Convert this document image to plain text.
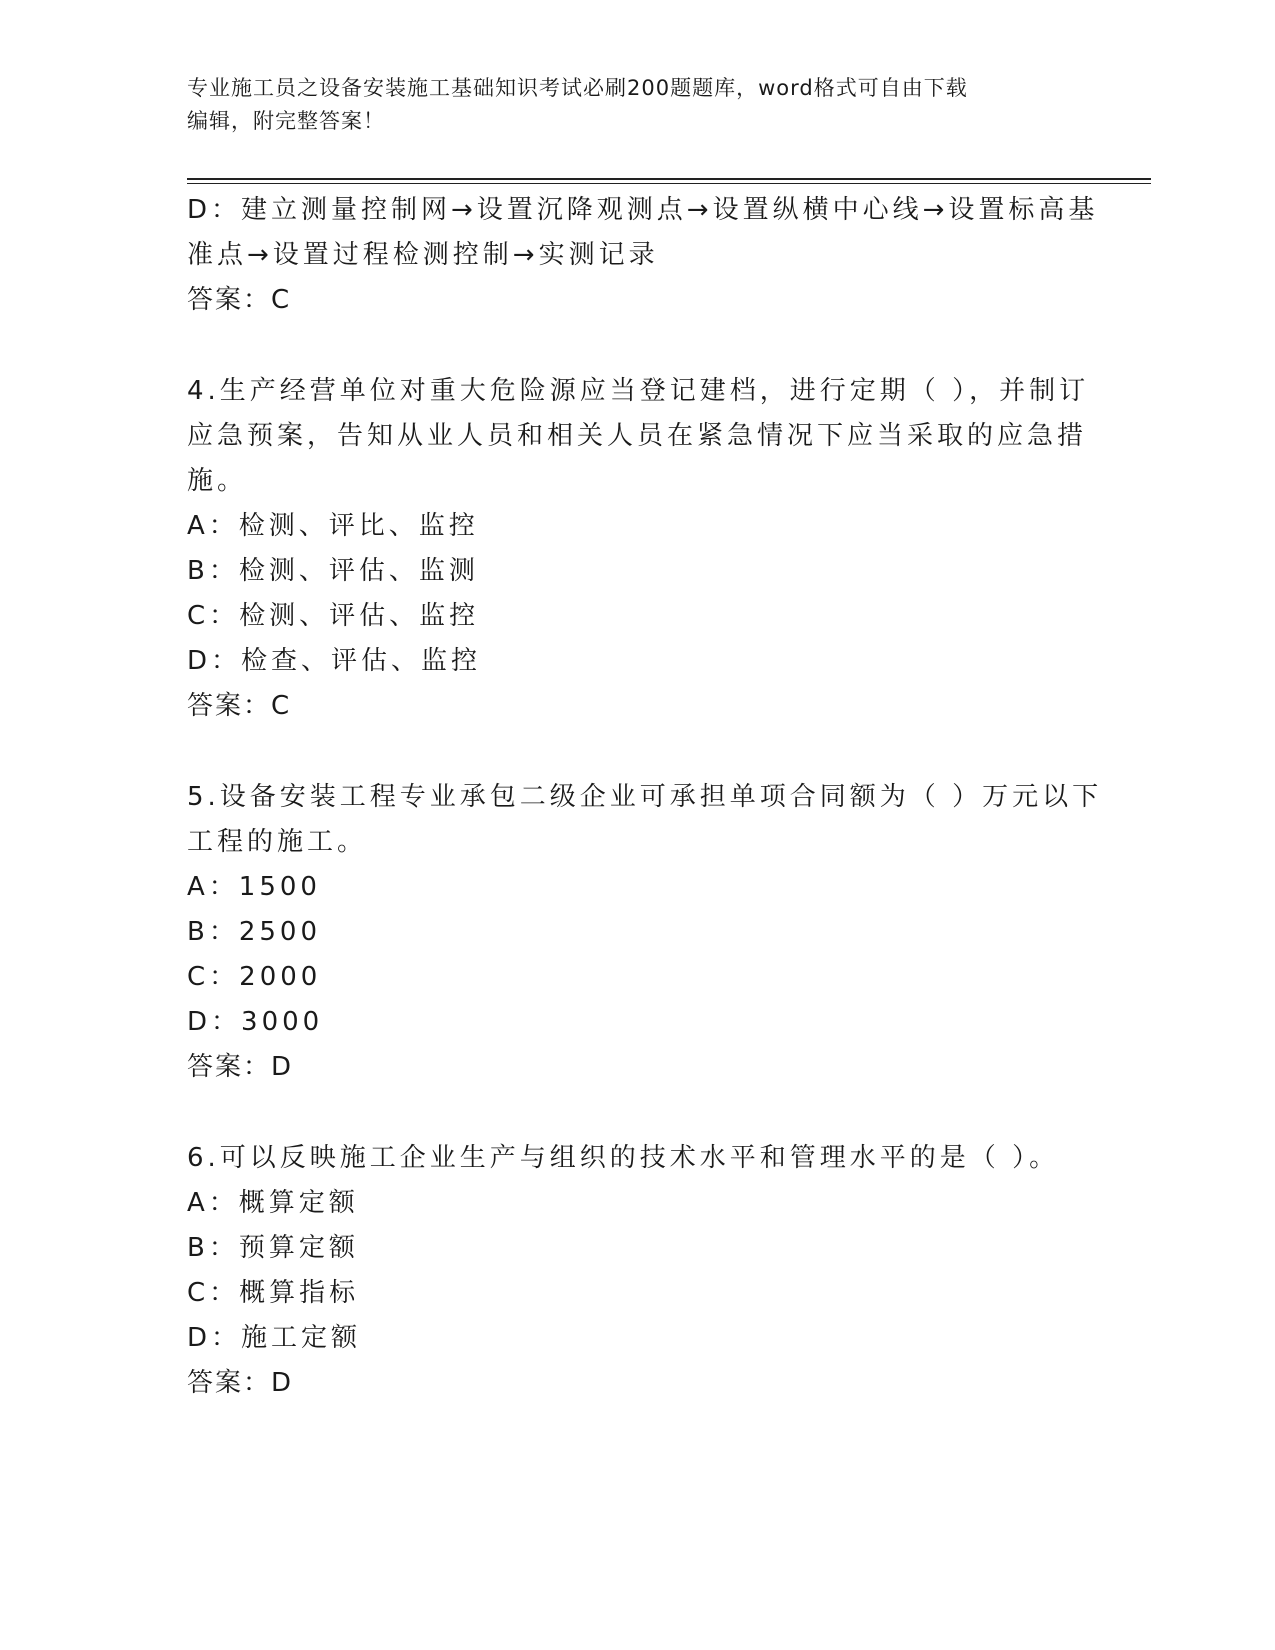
专业施工员之设备安装施工基础知识考试必刷200题题库，word格式可自由下载
编辑，附完整答案！

D：建立测量控制网→设置沉降观测点→设置纵横中心线→设置标高基

准点→设置过程检测控制→实测记录

答案：C

4.生产经营单位对重大危险源应当登记建档，进行定期（ ），并制订

应急预案，告知从业人员和相关人员在紧急情况下应当采取的应急措

施。

A：检测、评比、监控

B：检测、评估、监测

C：检测、评估、监控

D：检查、评估、监控

答案：C

5.设备安装工程专业承包二级企业可承担单项合同额为（ ）万元以下

工程的施工。

A：1500

B：2500

C：2000

D：3000

答案：D

6.可以反映施工企业生产与组织的技术水平和管理水平的是（ ）。

A：概算定额

B：预算定额

C：概算指标

D：施工定额

答案：D
